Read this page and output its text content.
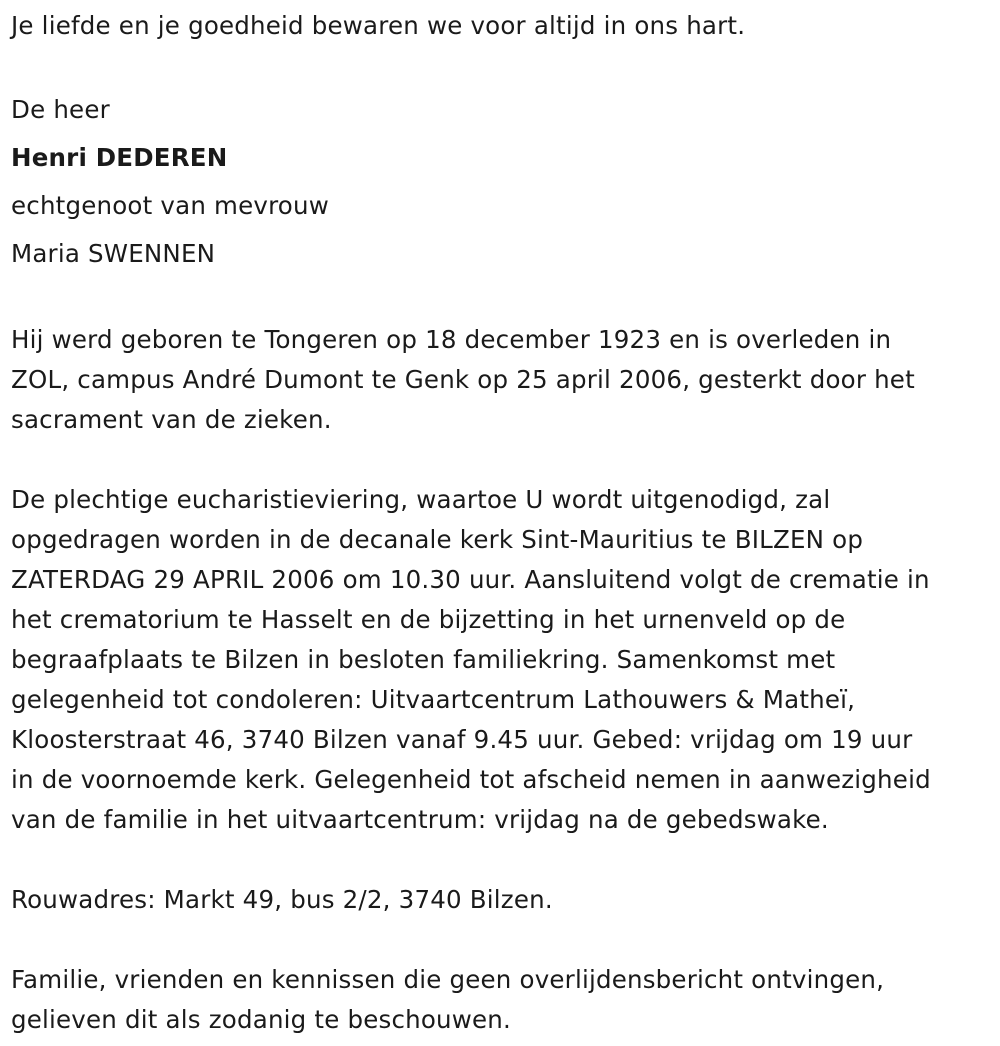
Je liefde en je goedheid bewaren we voor altijd in ons hart.
De heer
Henri DEDEREN
echtgenoot van mevrouw
Maria SWENNEN
Hij werd geboren te Tongeren op 18 december 1923 en is overleden in
ZOL, campus André Dumont te Genk op 25 april 2006, gesterkt door het
sacrament van de zieken.
De plechtige eucharistieviering, waartoe U wordt uitgenodigd, zal
opgedragen worden in de decanale kerk Sint-Mauritius te BILZEN op
ZATERDAG 29 APRIL 2006 om 10.30 uur. Aansluitend volgt de crematie in
het crematorium te Hasselt en de bijzetting in het urnenveld op de
begraafplaats te Bilzen in besloten familiekring. Samenkomst met
gelegenheid tot condoleren: Uitvaartcentrum Lathouwers & Matheï,
Kloosterstraat 46, 3740 Bilzen vanaf 9.45 uur. Gebed: vrijdag om 19 uur
in de voornoemde kerk. Gelegenheid tot afscheid nemen in aanwezigheid
van de familie in het uitvaartcentrum: vrijdag na de gebedswake.
Rouwadres: Markt 49, bus 2/2, 3740 Bilzen.
Familie, vrienden en kennissen die geen overlijdensbericht ontvingen,
gelieven dit als zodanig te beschouwen.
